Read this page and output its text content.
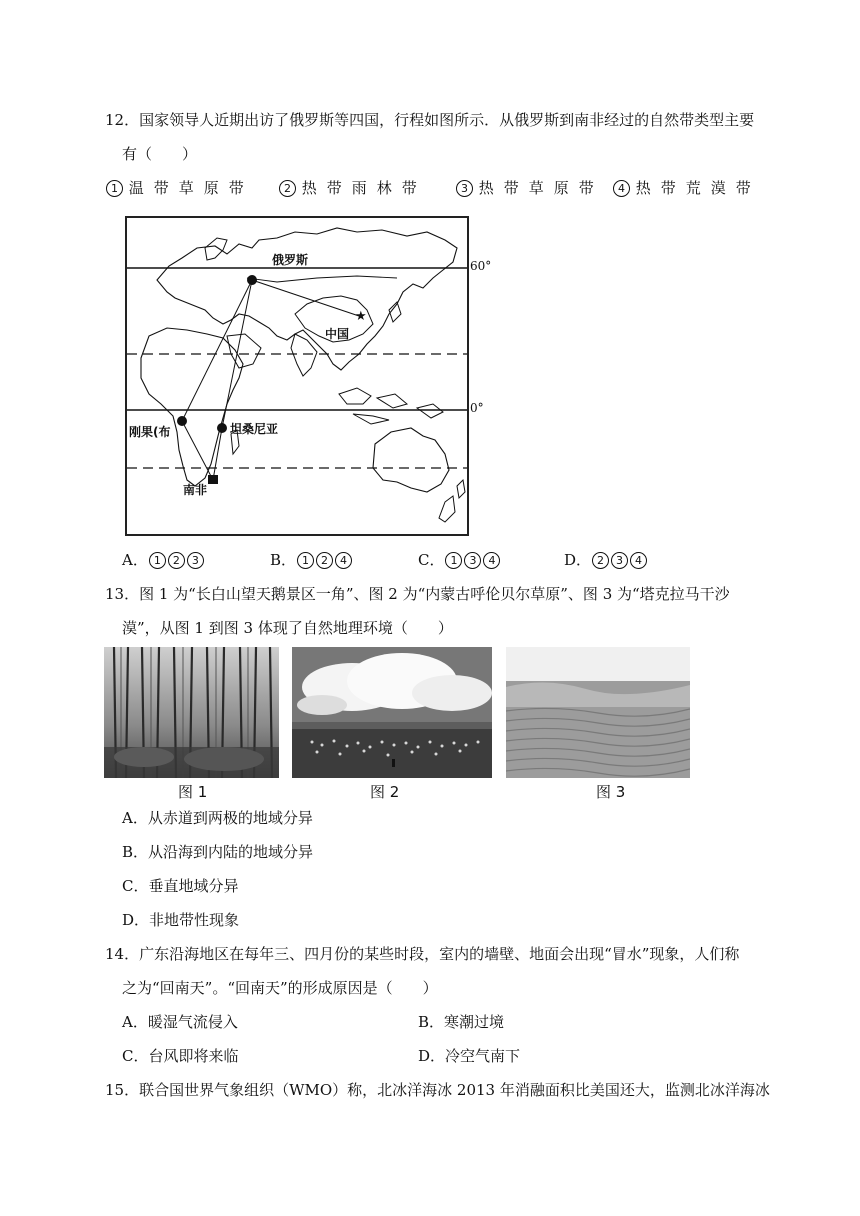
12．国家领导人近期出访了俄罗斯等四国，行程如图所示．从俄罗斯到南非经过的自然带类型主要
有（　　）
1 温带草原带	2 热带雨林带	3 热带草原带	4 热带荒漠带
★
俄罗斯
中国
刚果(布	坦桑尼亚
南非
60°
0°
A． 1 2 3	B． 1 2 4	C． 1 3 4	D． 2 3 4
13．图 1 为“长白山望天鹅景区一角”、图 2 为“内蒙古呼伦贝尔草原”、图 3 为“塔克拉马干沙
漠”，从图 1 到图 3 体现了自然地理环境（　　）
图 1	图 2	图 3
A．从赤道到两极的地域分异
B．从沿海到内陆的地域分异
C．垂直地域分异
D．非地带性现象
14．广东沿海地区在每年三、四月份的某些时段，室内的墙壁、地面会出现“冒水”现象，人们称
之为“回南天”。“回南天”的形成原因是（　　）
A．暖湿气流侵入	B．寒潮过境
C．台风即将来临	D．冷空气南下
15．联合国世界气象组织（WMO）称，北冰洋海冰 2013 年消融面积比美国还大，监测北冰洋海冰
